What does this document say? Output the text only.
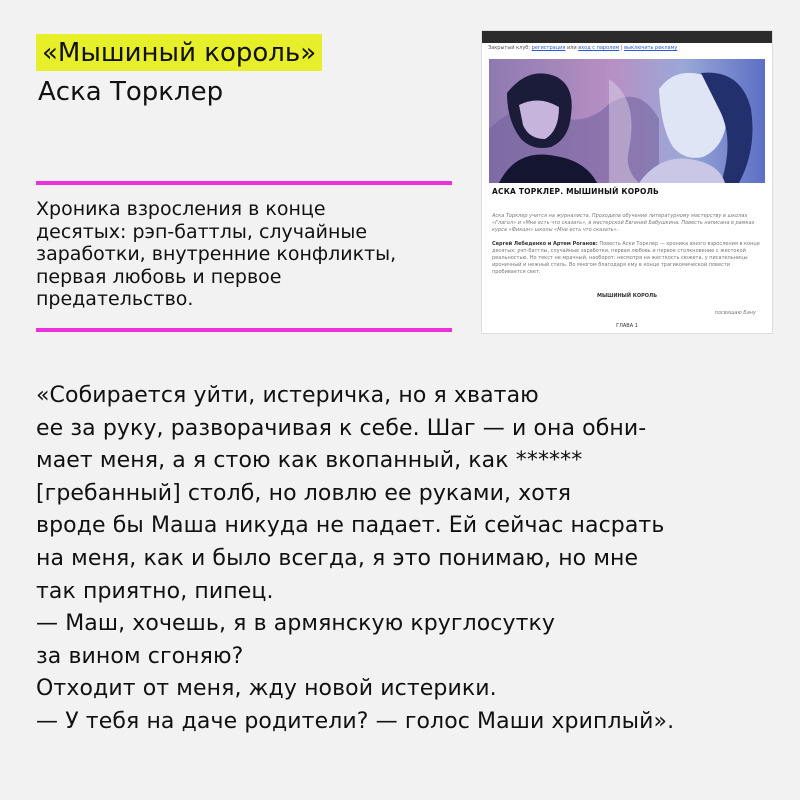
«Мышиный король»
Аска Торклер
Хроника взросления в конце
десятых: рэп-баттлы, случайные
заработки, внутренние конфликты,
первая любовь и первое
предательство.
Закрытый клуб: регистрация или вход с паролем | выключить рекламу
АСКА ТОРКЛЕР. МЫШИНЫЙ КОРОЛЬ
Аска Торклер учится на журналиста. Проходила обучение литературному мастерству в школах «Глагол» и «Мне есть что сказать», в мастерской Евгений Бабушкина. Повесть написана в рамках курса «Фикшн» школы «Мне есть что сказать».
Сергей Лебеденко и Артем Роганов: Повесть Аски Торклер — хроника юного взросления в конце десятых: рэп-баттлы, случайные заработки, первая любовь и первое столкновение с жестокой реальностью. Но текст не мрачный, наоборот: несмотря на жесткость сюжета, у писательницы ироничный и нежный стиль. Во многом благодаря ему в конце трагикомической повести пробивается свет.
МЫШИНЫЙ КОРОЛЬ
посвящаю Бану
ГЛАВА 1
«Собирается уйти, истеричка, но я хватаю
ее за руку, разворачивая к себе. Шаг — и она обни-
мает меня, а я стою как вкопанный, как ******
[гребанный] столб, но ловлю ее руками, хотя
вроде бы Маша никуда не падает. Ей сейчас насрать
на меня, как и было всегда, я это понимаю, но мне
так приятно, пипец.
— Маш, хочешь, я в армянскую круглосутку
за вином сгоняю?
Отходит от меня, жду новой истерики.
— У тебя на даче родители? — голос Маши хриплый».
